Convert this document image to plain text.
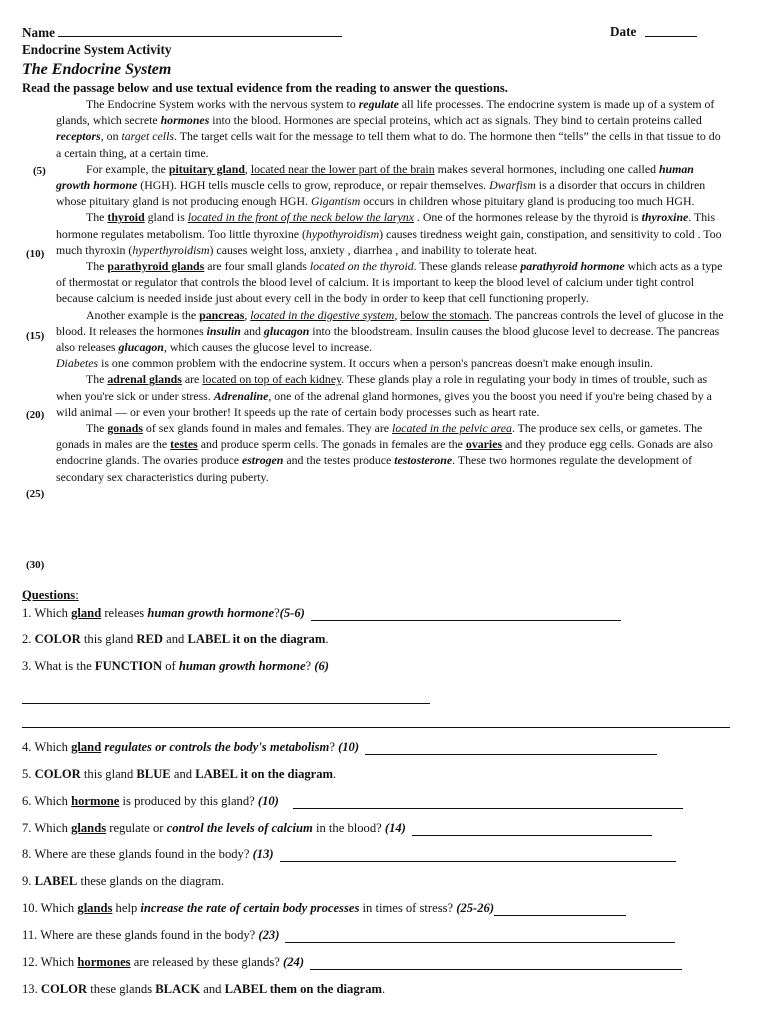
Name	Date
Endocrine System Activity
The Endocrine System
Read the passage below and use textual evidence from the reading to answer the questions.
(5)
(10)
(15)
(20)
(25)
(30)

The Endocrine System works with the nervous system to regulate all life processes. The endocrine system is made up of a system of glands, which secrete hormones into the blood. Hormones are special proteins, which act as signals. They bind to certain proteins called receptors, on target cells. The target cells wait for the message to tell them what to do. The hormone then “tells” the cells in that tissue to do a certain thing, at a certain time.

For example, the pituitary gland, located near the lower part of the brain makes several hormones, including one called human growth hormone (HGH). HGH tells muscle cells to grow, reproduce, or repair themselves. Dwarfism is a disorder that occurs in children whose pituitary gland is not producing enough HGH. Gigantism occurs in children whose pituitary gland is producing too much HGH.

The thyroid gland is located in the front of the neck below the larynx . One of the hormones release by the thyroid is thyroxine. This hormone regulates metabolism. Too little thyroxine (hypothyroidism) causes tiredness weight gain, constipation, and sensitivity to cold . Too much thyroxin (hyperthyroidism) causes weight loss, anxiety , diarrhea , and inability to tolerate heat.

The parathyroid glands are four small glands located on the thyroid. These glands release parathyroid hormone which acts as a type of thermostat or regulator that controls the blood level of calcium. It is important to keep the blood level of calcium under tight control because calcium is needed inside just about every cell in the body in order to keep that cell functioning properly.

Another example is the pancreas, located in the digestive system, below the stomach. The pancreas controls the level of glucose in the blood. It releases the hormones insulin and glucagon into the bloodstream. Insulin causes the blood glucose level to decrease. The pancreas also releases glucagon, which causes the glucose level to increase.
Diabetes is one common problem with the endocrine system. It occurs when a person's pancreas doesn't make enough insulin.

The adrenal glands are located on top of each kidney. These glands play a role in regulating your body in times of trouble, such as when you're sick or under stress. Adrenaline, one of the adrenal gland hormones, gives you the boost you need if you're being chased by a wild animal — or even your brother! It speeds up the rate of certain body processes such as heart rate.

The gonads of sex glands found in males and females. They are located in the pelvic area. The produce sex cells, or gametes. The gonads in males are the testes and produce sperm cells. The gonads in females are the ovaries and they produce egg cells. Gonads are also endocrine glands. The ovaries produce estrogen and the testes produce testosterone. These two hormones regulate the development of secondary sex characteristics during puberty.

Questions:
1. Which gland releases human growth hormone?(5-6)
2. COLOR this gland RED and LABEL it on the diagram.
3. What is the FUNCTION of human growth hormone? (6)
4. Which gland regulates or controls the body's metabolism? (10)
5. COLOR this gland BLUE and LABEL it on the diagram.
6. Which hormone is produced by this gland? (10)
7. Which glands regulate or control the levels of calcium in the blood? (14)
8. Where are these glands found in the body? (13)
9. LABEL these glands on the diagram.
10. Which glands help increase the rate of certain body processes in times of stress? (25-26)
11. Where are these glands found in the body? (23)
12. Which hormones are released by these glands? (24)
13. COLOR these glands BLACK and LABEL them on the diagram.
